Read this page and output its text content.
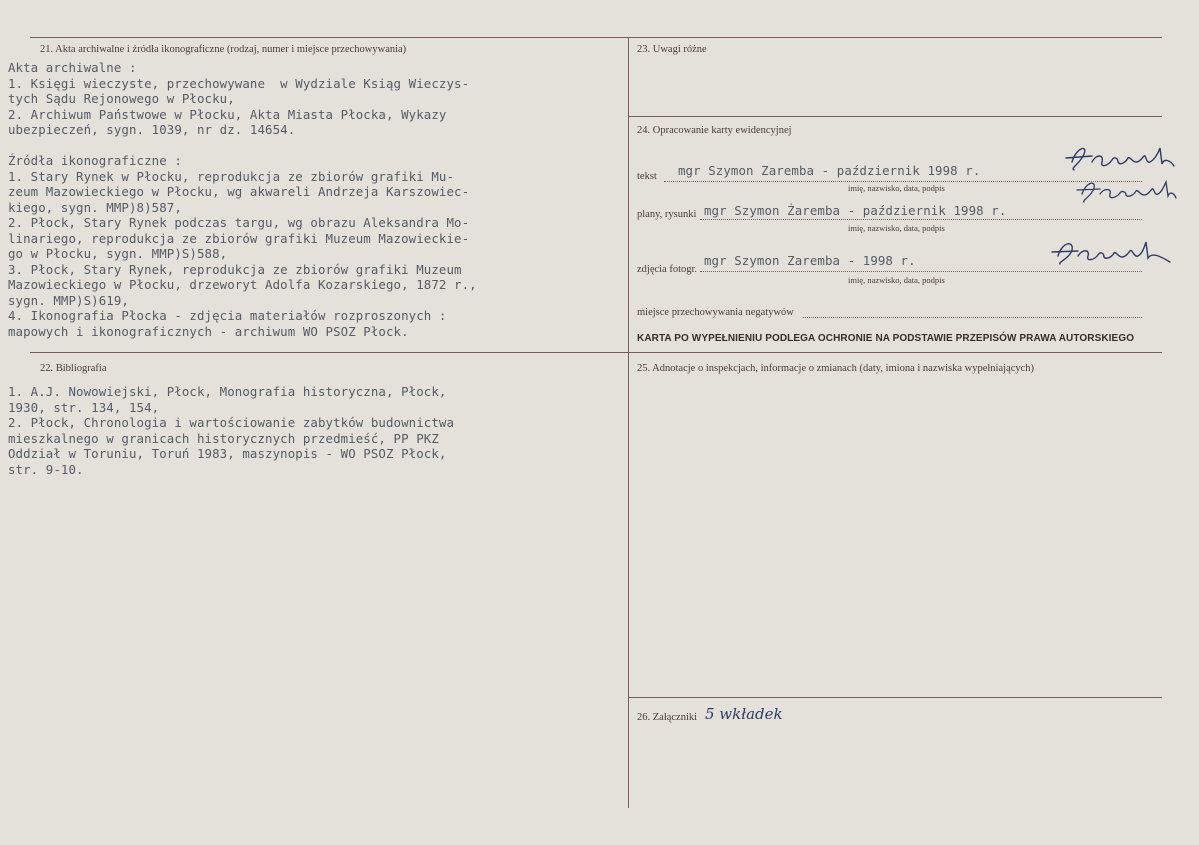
21. Akta archiwalne i źródła ikonograficzne (rodzaj, numer i miejsce przechowywania)
Akta archiwalne :
1. Księgi wieczyste, przechowywane  w Wydziale Ksiąg Wieczys-
tych Sądu Rejonowego w Płocku,
2. Archiwum Państwowe w Płocku, Akta Miasta Płocka, Wykazy
ubezpieczeń, sygn. 1039, nr dz. 14654.

Źródła ikonograficzne :
1. Stary Rynek w Płocku, reprodukcja ze zbiorów grafiki Mu-
zeum Mazowieckiego w Płocku, wg akwareli Andrzeja Karszowiec-
kiego, sygn. MMP)8)587,
2. Płock, Stary Rynek podczas targu, wg obrazu Aleksandra Mo-
linariego, reprodukcja ze zbiorów grafiki Muzeum Mazowieckie-
go w Płocku, sygn. MMP)S)588,
3. Płock, Stary Rynek, reprodukcja ze zbiorów grafiki Muzeum
Mazowieckiego w Płocku, drzeworyt Adolfa Kozarskiego, 1872 r.,
sygn. MMP)S)619,
4. Ikonografia Płocka - zdjęcia materiałów rozproszonych :
mapowych i ikonograficznych - archiwum WO PSOZ Płock.
22. Bibliografia
1. A.J. Nowowiejski, Płock, Monografia historyczna, Płock,
1930, str. 134, 154,
2. Płock, Chronologia i wartościowanie zabytków budownictwa
mieszkalnego w granicach historycznych przedmieść, PP PKZ
Oddział w Toruniu, Toruń 1983, maszynopis - WO PSOZ Płock,
str. 9-10.
23. Uwagi różne
24. Opracowanie karty ewidencyjnej
tekst mgr Szymon Zaremba - październik 1998 r.
imię, nazwisko, data, podpis
plany, rysunki mgr Szymon Żaremba - październik 1998 r.
imię, nazwisko, data, podpis
zdjęcia fotogr.
mgr Szymon Zaremba - 1998 r.
imię, nazwisko, data, podpis
miejsce przechowywania negatywów
KARTA PO WYPEŁNIENIU PODLEGA OCHRONIE NA PODSTAWIE PRZEPISÓW PRAWA AUTORSKIEGO
25. Adnotacje o inspekcjach, informacje o zmianach (daty, imiona i nazwiska wypełniających)
26. Załączniki 5 wkładek
